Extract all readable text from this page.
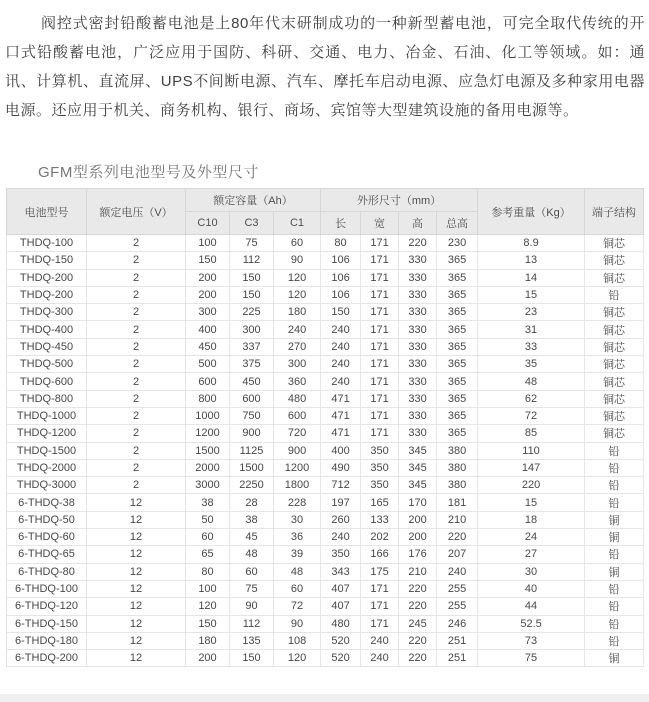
阀控式密封铅酸蓄电池是上80年代末研制成功的一种新型蓄电池，可完全取代传统的开口式铅酸蓄电池，广泛应用于国防、科研、交通、电力、冶金、石油、化工等领域。如：通讯、计算机、直流屏、UPS不间断电源、汽车、摩托车启动电源、应急灯电源及多种家用电器电源。还应用于机关、商务机构、银行、商场、宾馆等大型建筑设施的备用电源等。

GFM型系列电池型号及外型尺寸
电池型号	额定电压（V）	额定容量（Ah）			外形尺寸（mm）				参考重量（Kg）	端子结构
		C10	C3	C1	长	宽	高	总高		
THDQ-100	2	100	75	60	80	171	220	230	8.9	铜芯
THDQ-150	2	150	112	90	106	171	330	365	13	铜芯
THDQ-200	2	200	150	120	106	171	330	365	14	铜芯
THDQ-200	2	200	150	120	106	171	330	365	15	铅
THDQ-300	2	300	225	180	150	171	330	365	23	铜芯
THDQ-400	2	400	300	240	240	171	330	365	31	铜芯
THDQ-450	2	450	337	270	240	171	330	365	33	铜芯
THDQ-500	2	500	375	300	240	171	330	365	35	铜芯
THDQ-600	2	600	450	360	240	171	330	365	48	铜芯
THDQ-800	2	800	600	480	471	171	330	365	62	铜芯
THDQ-1000	2	1000	750	600	471	171	330	365	72	铜芯
THDQ-1200	2	1200	900	720	471	171	330	365	85	铜芯
THDQ-1500	2	1500	1125	900	400	350	345	380	110	铅
THDQ-2000	2	2000	1500	1200	490	350	345	380	147	铅
THDQ-3000	2	3000	2250	1800	712	350	345	380	220	铅
6-THDQ-38	12	38	28	228	197	165	170	181	15	铅
6-THDQ-50	12	50	38	30	260	133	200	210	18	铜
6-THDQ-60	12	60	45	36	240	202	200	220	24	铜
6-THDQ-65	12	65	48	39	350	166	176	207	27	铅
6-THDQ-80	12	80	60	48	343	175	210	240	30	铜
6-THDQ-100	12	100	75	60	407	171	220	255	40	铅
6-THDQ-120	12	120	90	72	407	171	220	255	44	铅
6-THDQ-150	12	150	112	90	480	171	245	246	52.5	铅
6-THDQ-180	12	180	135	108	520	240	220	251	73	铅
6-THDQ-200	12	200	150	120	520	240	220	251	75	铜
